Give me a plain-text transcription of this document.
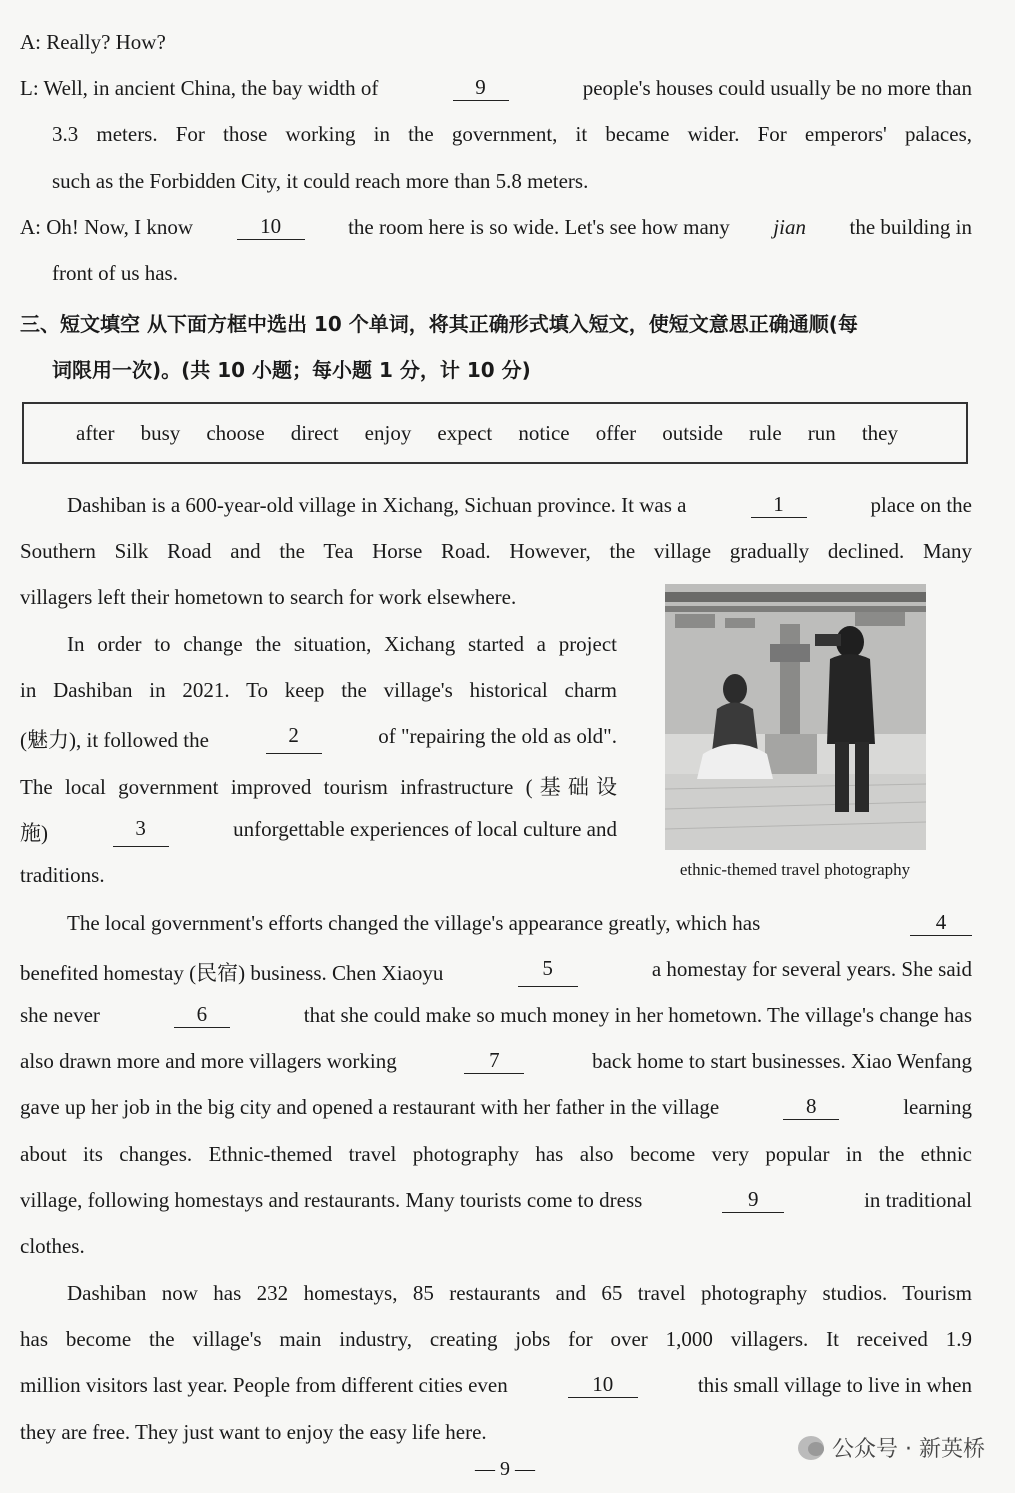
A: Really? How?
L: Well, in ancient China, the bay width of	9	people's houses could usually be no more than
3.3 meters. For those working in the government, it became wider. For emperors' palaces,
such as the Forbidden City, it could reach more than 5.8 meters.
A: Oh! Now, I know	10	the room here is so wide. Let's see how many jian the building in
front of us has.
三、短文填空 从下面方框中选出 10 个单词，将其正确形式填入短文，使短文意思正确通顺(每
词限用一次)。(共 10 小题；每小题 1 分，计 10 分)
after busy choose direct enjoy expect notice offer outside rule run they
Dashiban is a 600-year-old village in Xichang, Sichuan province. It was a	1	place on the
Southern Silk Road and the Tea Horse Road. However, the village gradually declined. Many
villagers left their hometown to search for work elsewhere.
In order to change the situation, Xichang started a project
in Dashiban in 2021. To keep the village's historical charm
(魅力), it followed the	2	of "repairing the old as old".
The local government improved tourism infrastructure (基础设
施)	3	unforgettable experiences of local culture and
traditions.	ethnic-themed travel photography
The local government's efforts changed the village's appearance greatly, which has	4
benefited homestay (民宿) business. Chen Xiaoyu	5	a homestay for several years. She said
she never	6	that she could make so much money in her hometown. The village's change has
also drawn more and more villagers working	7	back home to start businesses. Xiao Wenfang
gave up her job in the big city and opened a restaurant with her father in the village	8	learning
about its changes. Ethnic-themed travel photography has also become very popular in the ethnic
village, following homestays and restaurants. Many tourists come to dress	9	in traditional
clothes.
Dashiban now has 232 homestays, 85 restaurants and 65 travel photography studios. Tourism
has become the village's main industry, creating jobs for over 1,000 villagers. It received 1.9
million visitors last year. People from different cities even	10	this small village to live in when
they are free. They just want to enjoy the easy life here.
— 9 —
公众号 · 新英桥
